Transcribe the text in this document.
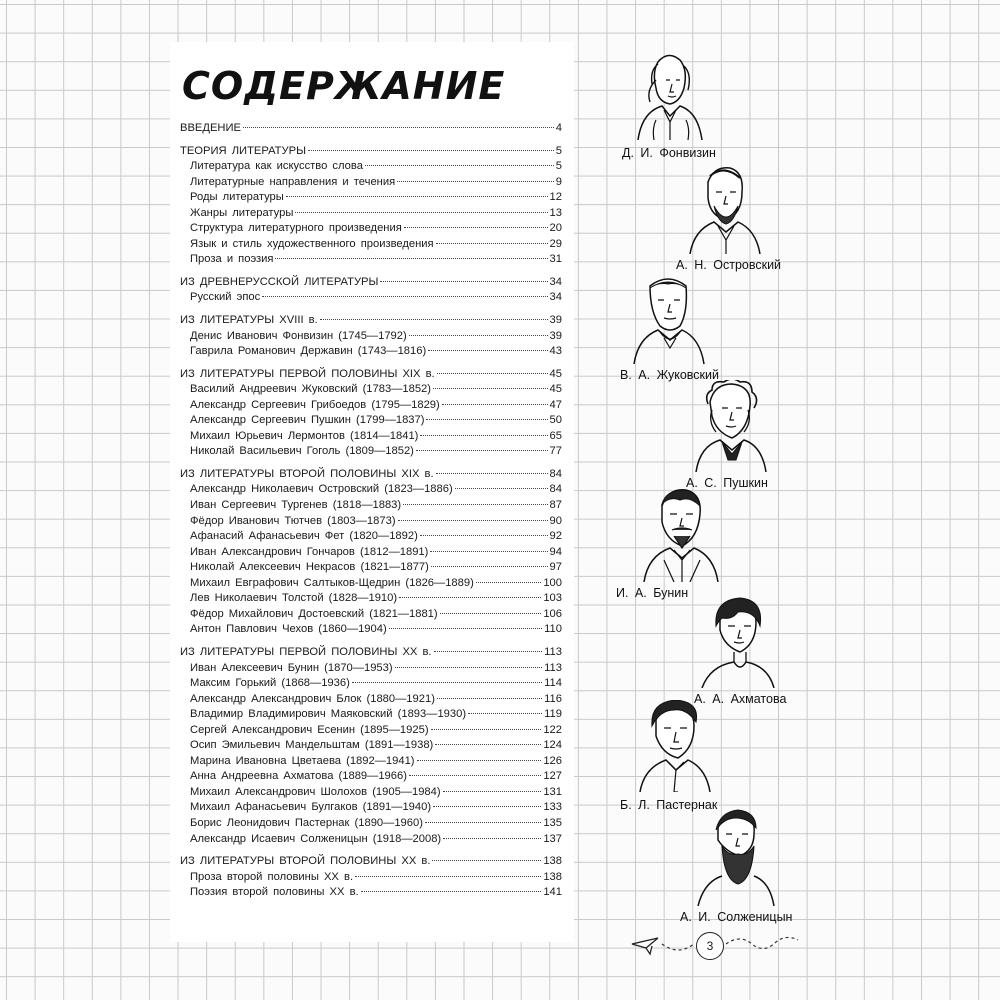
СОДЕРЖАНИЕ
ВВЕДЕНИЕ	4
ТЕОРИЯ ЛИТЕРАТУРЫ	5
Литература как искусство слова	5
Литературные направления и течения	9
Роды литературы	12
Жанры литературы	13
Структура литературного произведения	20
Язык и стиль художественного произведения	29
Проза и поэзия	31
ИЗ ДРЕВНЕРУССКОЙ ЛИТЕРАТУРЫ	34
Русский эпос	34
ИЗ ЛИТЕРАТУРЫ XVIII в.	39
Денис Иванович Фонвизин (1745—1792)	39
Гаврила Романович Державин (1743—1816)	43
ИЗ ЛИТЕРАТУРЫ ПЕРВОЙ ПОЛОВИНЫ XIX в.	45
Василий Андреевич Жуковский (1783—1852)	45
Александр Сергеевич Грибоедов (1795—1829)	47
Александр Сергеевич Пушкин (1799—1837)	50
Михаил Юрьевич Лермонтов (1814—1841)	65
Николай Васильевич Гоголь (1809—1852)	77
ИЗ ЛИТЕРАТУРЫ ВТОРОЙ ПОЛОВИНЫ XIX в.	84
Александр Николаевич Островский (1823—1886)	84
Иван Сергеевич Тургенев (1818—1883)	87
Фёдор Иванович Тютчев (1803—1873)	90
Афанасий Афанасьевич Фет (1820—1892)	92
Иван Александрович Гончаров (1812—1891)	94
Николай Алексеевич Некрасов (1821—1877)	97
Михаил Евграфович Салтыков-Щедрин (1826—1889)	100
Лев Николаевич Толстой (1828—1910)	103
Фёдор Михайлович Достоевский (1821—1881)	106
Антон Павлович Чехов (1860—1904)	110
ИЗ ЛИТЕРАТУРЫ ПЕРВОЙ ПОЛОВИНЫ XX в.	113
Иван Алексеевич Бунин (1870—1953)	113
Максим Горький (1868—1936)	114
Александр Александрович Блок (1880—1921)	116
Владимир Владимирович Маяковский (1893—1930)	119
Сергей Александрович Есенин (1895—1925)	122
Осип Эмильевич Мандельштам (1891—1938)	124
Марина Ивановна Цветаева (1892—1941)	126
Анна Андреевна Ахматова (1889—1966)	127
Михаил Александрович Шолохов (1905—1984)	131
Михаил Афанасьевич Булгаков (1891—1940)	133
Борис Леонидович Пастернак (1890—1960)	135
Александр Исаевич Солженицын (1918—2008)	137
ИЗ ЛИТЕРАТУРЫ ВТОРОЙ ПОЛОВИНЫ XX в.	138
Проза второй половины XX в.	138
Поэзия второй половины XX в.	141
Д. И. Фонвизин
А. Н. Островский
В. А. Жуковский
А. С. Пушкин
И. А. Бунин
А. А. Ахматова
Б. Л. Пастернак
А. И. Солженицын
3
